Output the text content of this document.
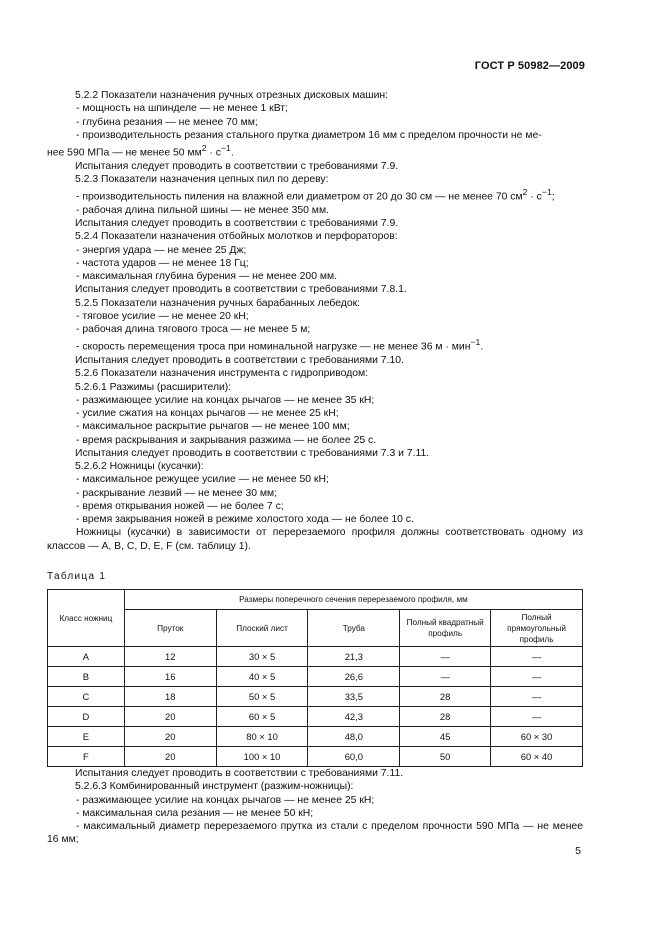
ГОСТ Р 50982—2009

5.2.2 Показатели назначения ручных отрезных дисковых машин:

- мощность на шпинделе — не менее 1 кВт;

- глубина резания — не менее 70 мм;

- производительность резания стального прутка диаметром 16 мм с пределом прочности не ме-

нее 590 МПа — не менее 50 $мм^2 \cdot с^{-1}$.

Испытания следует проводить в соответствии с требованиями 7.9.

5.2.3 Показатели назначения цепных пил по дереву:

- производительность пиления на влажной ели диаметром от 20 до 30 см — не менее 70 $см^2 \cdot с^{-1}$;

- рабочая длина пильной шины — не менее 350 мм.

Испытания следует проводить в соответствии с требованиями 7.9.

5.2.4 Показатели назначения отбойных молотков и перфораторов:

- энергия удара — не менее 25 Дж;

- частота ударов — не менее 18 Гц;

- максимальная глубина бурения — не менее 200 мм.

Испытания следует проводить в соответствии с требованиями 7.8.1.

5.2.5 Показатели назначения ручных барабанных лебедок:

- тяговое усилие — не менее 20 кН;

- рабочая длина тягового троса — не менее 5 м;

- скорость перемещения троса при номинальной нагрузке — не менее 36 м · мин$^{-1}$.

Испытания следует проводить в соответствии с требованиями 7.10.

5.2.6 Показатели назначения инструмента с гидроприводом:

5.2.6.1 Разжимы (расширители):

- разжимающее усилие на концах рычагов — не менее 35 кН;

- усилие сжатия на концах рычагов — не менее 25 кН;

- максимальное раскрытие рычагов — не менее 100 мм;

- время раскрывания и закрывания разжима — не более 25 с.

Испытания следует проводить в соответствии с требованиями 7.3 и 7.11.

5.2.6.2 Ножницы (кусачки):

- максимальное режущее усилие — не менее 50 кН;

- раскрывание лезвий — не менее 30 мм;

- время открывания ножей — не более 7 с;

- время закрывания ножей в режиме холостого хода — не более 10 с.

Ножницы (кусачки) в зависимости от перерезаемого профиля должны соответствовать одному из классов — А, В, С, D, Е, F (см. таблицу 1).

Таблица 1
Класс ножниц	Размеры поперечного сечения перерезаемого профиля, мм				
	Пруток	Плоский лист	Труба	Полный квадратный профиль	Полный прямоугольный профиль
A	12	30 × 5	21,3	—	—
B	16	40 × 5	26,6	—	—
C	18	50 × 5	33,5	28	—
D	20	60 × 5	42,3	28	—
E	20	80 × 10	48,0	45	60 × 30
F	20	100 × 10	60,0	50	60 × 40

Испытания следует проводить в соответствии с требованиями 7.11.

5.2.6.3 Комбинированный инструмент (разжим-ножницы):

- разжимающее усилие на концах рычагов — не менее 25 кН;

- максимальная сила резания — не менее 50 кН;

- максимальный диаметр перерезаемого прутка из стали с пределом прочности 590 МПа — не менее 16 мм;

5
